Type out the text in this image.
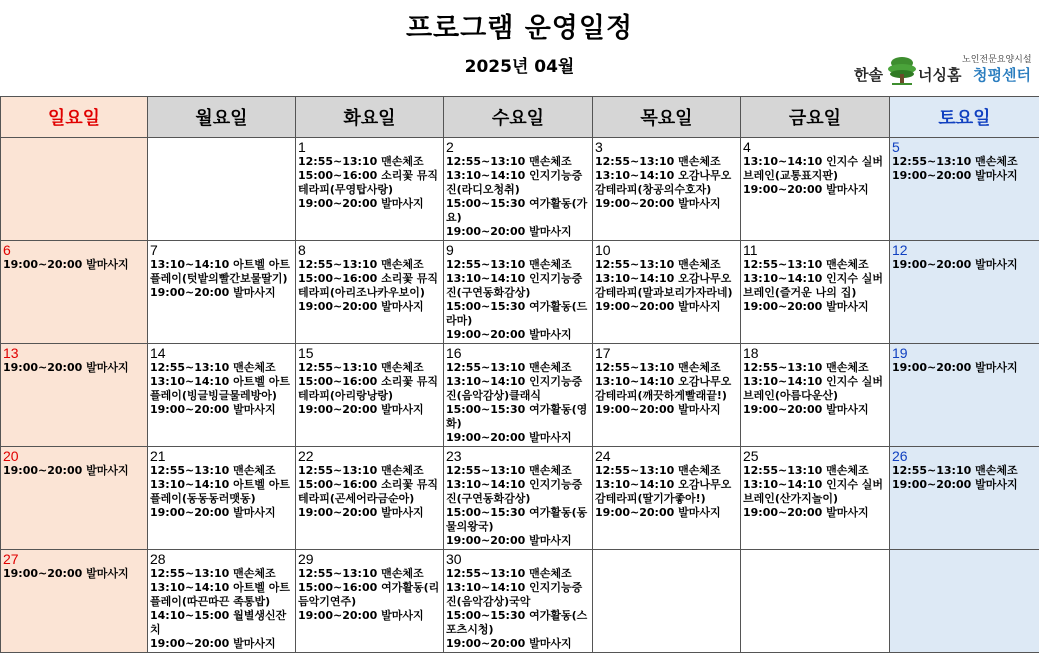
프로그램 운영일정
2025년 04월	노인전문요양시설
한솔 너싱홈 청평센터
일요일	월요일	화요일	수요일	목요일	금요일	토요일

		1
12:55~13:10 맨손체조
15:00~16:00 소리꽃 뮤직테라피(무영탑사랑)
19:00~20:00 발마사지	2
12:55~13:10 맨손체조
13:10~14:10 인지기능증진(라디오청취)
15:00~15:30 여가활동(가요)
19:00~20:00 발마사지	3
12:55~13:10 맨손체조
13:10~14:10 오감나무오감테라피(창공의수호자)
19:00~20:00 발마사지	4
13:10~14:10 인지수 실버브레인(교통표지판)
19:00~20:00 발마사지	5
12:55~13:10 맨손체조
19:00~20:00 발마사지

6
19:00~20:00 발마사지	7
13:10~14:10 아트벨 아트플레이(텃밭의빨간보물딸기)
19:00~20:00 발마사지	8
12:55~13:10 맨손체조
15:00~16:00 소리꽃 뮤직테라피(아리조나카우보이)
19:00~20:00 발마사지	9
12:55~13:10 맨손체조
13:10~14:10 인지기능증진(구연동화감상)
15:00~15:30 여가활동(드라마)
19:00~20:00 발마사지	10
12:55~13:10 맨손체조
13:10~14:10 오감나무오감테라피(말과보리가자라네)
19:00~20:00 발마사지	11
12:55~13:10 맨손체조
13:10~14:10 인지수 실버브레인(즐거운 나의 집)
19:00~20:00 발마사지	12
19:00~20:00 발마사지

13
19:00~20:00 발마사지	14
12:55~13:10 맨손체조
13:10~14:10 아트벨 아트플레이(빙글빙글물레방아)
19:00~20:00 발마사지	15
12:55~13:10 맨손체조
15:00~16:00 소리꽃 뮤직테라피(아리랑낭랑)
19:00~20:00 발마사지	16
12:55~13:10 맨손체조
13:10~14:10 인지기능증진(음악감상)클래식
15:00~15:30 여가활동(영화)
19:00~20:00 발마사지	17
12:55~13:10 맨손체조
13:10~14:10 오감나무오감테라피(깨끗하게빨래끝!)
19:00~20:00 발마사지	18
12:55~13:10 맨손체조
13:10~14:10 인지수 실버브레인(아름다운산)
19:00~20:00 발마사지	19
19:00~20:00 발마사지

20
19:00~20:00 발마사지	21
12:55~13:10 맨손체조
13:10~14:10 아트벨 아트플레이(동동동러맷동)
19:00~20:00 발마사지	22
12:55~13:10 맨손체조
15:00~16:00 소리꽃 뮤직테라피(곤세어라금순아)
19:00~20:00 발마사지	23
12:55~13:10 맨손체조
13:10~14:10 인지기능증진(구연동화감상)
15:00~15:30 여가활동(동물의왕국)
19:00~20:00 발마사지	24
12:55~13:10 맨손체조
13:10~14:10 오감나무오감테라피(딸기가좋아!)
19:00~20:00 발마사지	25
12:55~13:10 맨손체조
13:10~14:10 인지수 실버브레인(산가지놀이)
19:00~20:00 발마사지	26
12:55~13:10 맨손체조
19:00~20:00 발마사지

27
19:00~20:00 발마사지	28
12:55~13:10 맨손체조
13:10~14:10 아트벨 아트플레이(따끈따끈 족통밥)
14:10~15:00 월별생신잔치
19:00~20:00 발마사지	29
12:55~13:10 맨손체조
15:00~16:00 여가활동(리듬악기연주)
19:00~20:00 발마사지	30
12:55~13:10 맨손체조
13:10~14:10 인지기능증진(음악감상)국악
15:00~15:30 여가활동(스포츠시청)
19:00~20:00 발마사지			
